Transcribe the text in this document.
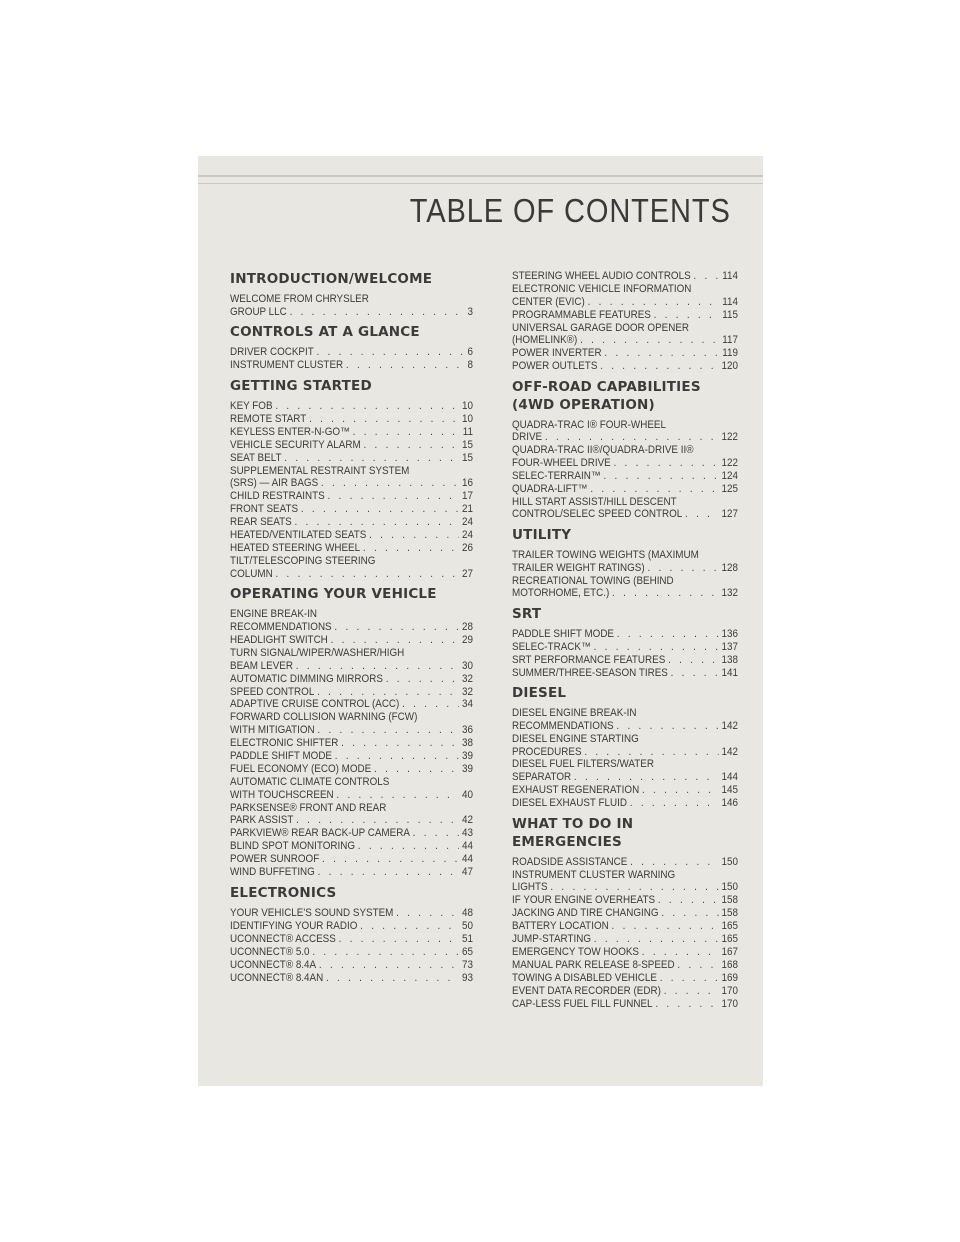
TABLE OF CONTENTS
INTRODUCTION/WELCOME
WELCOME FROM CHRYSLER
GROUP LLC . . .	3
CONTROLS AT A GLANCE
DRIVER COCKPIT . . .	6
INSTRUMENT CLUSTER . . .	8
GETTING STARTED
KEY FOB . . .	10
REMOTE START . . .	10
KEYLESS ENTER-N-GO™ . . .	11
VEHICLE SECURITY ALARM . . .	15
SEAT BELT . . .	15
SUPPLEMENTAL RESTRAINT SYSTEM
(SRS) — AIR BAGS . . .	16
CHILD RESTRAINTS . . .	17
FRONT SEATS . . .	21
REAR SEATS . . .	24
HEATED/VENTILATED SEATS . . .	24
HEATED STEERING WHEEL . . .	26
TILT/TELESCOPING STEERING
COLUMN . . .	27
OPERATING YOUR VEHICLE
ENGINE BREAK-IN
RECOMMENDATIONS . . .	28
HEADLIGHT SWITCH . . .	29
TURN SIGNAL/WIPER/WASHER/HIGH
BEAM LEVER . . .	30
AUTOMATIC DIMMING MIRRORS . . .	32
SPEED CONTROL . . .	32
ADAPTIVE CRUISE CONTROL (ACC) . . .	34
FORWARD COLLISION WARNING (FCW)
WITH MITIGATION . . .	36
ELECTRONIC SHIFTER . . .	38
PADDLE SHIFT MODE . . .	39
FUEL ECONOMY (ECO) MODE . . .	39
AUTOMATIC CLIMATE CONTROLS
WITH TOUCHSCREEN . . .	40
PARKSENSE® FRONT AND REAR
PARK ASSIST . . .	42
PARKVIEW® REAR BACK-UP CAMERA . . .	43
BLIND SPOT MONITORING . . .	44
POWER SUNROOF . . .	44
WIND BUFFETING . . .	47
ELECTRONICS
YOUR VEHICLE'S SOUND SYSTEM . . .	48
IDENTIFYING YOUR RADIO . . .	50
UCONNECT® ACCESS . . .	51
UCONNECT® 5.0 . . .	65
UCONNECT® 8.4A . . .	73
UCONNECT® 8.4AN . . .	93
STEERING WHEEL AUDIO CONTROLS . . .	114
ELECTRONIC VEHICLE INFORMATION
CENTER (EVIC) . . .	114
PROGRAMMABLE FEATURES . . .	115
UNIVERSAL GARAGE DOOR OPENER
(HOMELINK®) . . .	117
POWER INVERTER . . .	119
POWER OUTLETS . . .	120
OFF-ROAD CAPABILITIES (4WD OPERATION)
QUADRA-TRAC I® FOUR-WHEEL
DRIVE . . .	122
QUADRA-TRAC II®/QUADRA-DRIVE II®
FOUR-WHEEL DRIVE . . .	122
SELEC-TERRAIN™ . . .	124
QUADRA-LIFT™ . . .	125
HILL START ASSIST/HILL DESCENT
CONTROL/SELEC SPEED CONTROL . . .	127
UTILITY
TRAILER TOWING WEIGHTS (MAXIMUM
TRAILER WEIGHT RATINGS) . . .	128
RECREATIONAL TOWING (BEHIND
MOTORHOME, ETC.) . . .	132
SRT
PADDLE SHIFT MODE . . .	136
SELEC-TRACK™ . . .	137
SRT PERFORMANCE FEATURES . . .	138
SUMMER/THREE-SEASON TIRES . . .	141
DIESEL
DIESEL ENGINE BREAK-IN
RECOMMENDATIONS . . .	142
DIESEL ENGINE STARTING
PROCEDURES . . .	142
DIESEL FUEL FILTERS/WATER
SEPARATOR . . .	144
EXHAUST REGENERATION . . .	145
DIESEL EXHAUST FLUID . . .	146
WHAT TO DO IN EMERGENCIES
ROADSIDE ASSISTANCE . . .	150
INSTRUMENT CLUSTER WARNING
LIGHTS . . .	150
IF YOUR ENGINE OVERHEATS . . .	158
JACKING AND TIRE CHANGING . . .	158
BATTERY LOCATION . . .	165
JUMP-STARTING . . .	165
EMERGENCY TOW HOOKS . . .	167
MANUAL PARK RELEASE 8-SPEED . . .	168
TOWING A DISABLED VEHICLE . . .	169
EVENT DATA RECORDER (EDR) . . .	170
CAP-LESS FUEL FILL FUNNEL . . .	170
